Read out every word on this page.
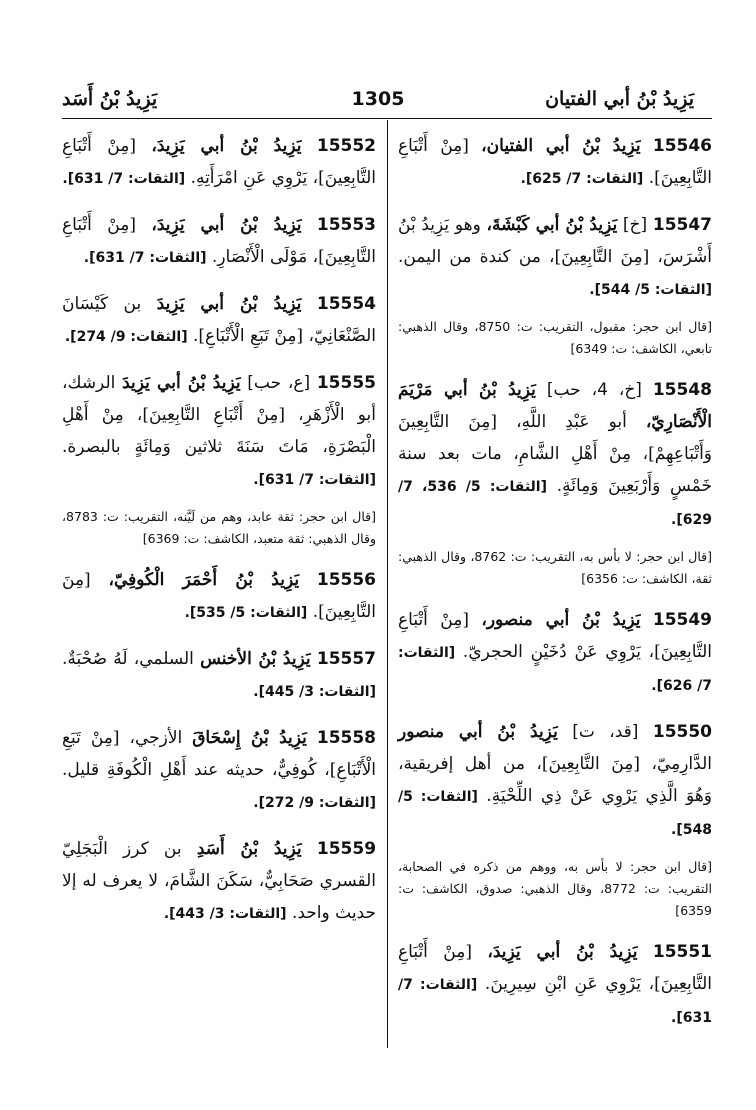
يَزِيدُ بْنُ أبي الفتيان
1305
يَزِيدُ بْنُ أَسَد
15546 يَزِيدُ بْنُ أبي الفتيان، [مِنْ أَتْبَاعِ التَّابِعِينَ]. [الثقات: 7/ 625].
15547 [خ] يَزِيدُ بْنُ أبي كَبْشَةَ، وهو يَزِيدُ بْنُ أَشْرَسَ، [مِنَ التَّابِعِينَ]، من كندة من اليمن. [الثقات: 5/ 544].
[قال ابن حجر: مقبول، التقريب: ت: 8750، وقال الذهبي: تابعي، الكاشف: ت: 6349]
15548 [خ، 4، حب] يَزِيدُ بْنُ أبي مَرْيَمَ الْأَنْصَارِيّ، أبو عَبْدِ اللَّهِ، [مِنَ التَّابِعِينَ وَأَتْبَاعِهِمْ]، مِنْ أَهْلِ الشَّامِ، مات بعد سنة خَمْسٍ وَأَرْبَعِينَ وَمِائَةٍ. [الثقات: 5/ 536، 7/ 629].
[قال ابن حجر: لا بأس به، التقريب: ت: 8762، وقال الذهبي: ثقة، الكاشف: ت: 6356]
15549 يَزِيدُ بْنُ أبي منصور، [مِنْ أَتْبَاعِ التَّابِعِينَ]، يَرْوِي عَنْ دُخَيْنٍ الحجريّ. [الثقات: 7/ 626].
15550 [قد، ت] يَزِيدُ بْنُ أبي منصور الدَّارِمِيّ، [مِنَ التَّابِعِينَ]، من أهل إفريقية، وَهُوَ الَّذِي يَرْوِي عَنْ ذِي اللِّحْيَةِ. [الثقات: 5/ 548].
[قال ابن حجر: لا بأس به، ووهم من ذكره في الصحابة، التقريب: ت: 8772، وقال الذهبي: صدوق، الكاشف: ت: 6359]
15551 يَزِيدُ بْنُ أبي يَزِيدَ، [مِنْ أَتْبَاعِ التَّابِعِينَ]، يَرْوِي عَنِ ابْنِ سِيرِينَ. [الثقات: 7/ 631].
15552 يَزِيدُ بْنُ أبي يَزِيدَ، [مِنْ أَتْبَاعِ التَّابِعِينَ]، يَرْوِي عَنِ امْرَأَتِهِ. [الثقات: 7/ 631].
15553 يَزِيدُ بْنُ أبي يَزِيدَ، [مِنْ أَتْبَاعِ التَّابِعِينَ]، مَوْلَى الْأَنْصَارِ. [الثقات: 7/ 631].
15554 يَزِيدُ بْنُ أبي يَزِيدَ بن كَيْسَانَ الصَّنْعَانِيّ، [مِنْ تَبَعِ الْأَتْبَاعِ]. [الثقات: 9/ 274].
15555 [ع، حب] يَزِيدُ بْنُ أبي يَزِيدَ الرشك، أبو الْأَزْهَرِ، [مِنْ أَتْبَاعِ التَّابِعِينَ]، مِنْ أَهْلِ الْبَصْرَةِ، مَاتَ سَنَةَ ثلاثين وَمِائَةٍ بالبصرة. [الثقات: 7/ 631].
[قال ابن حجر: ثقة عابد، وهم من لَيَّنه، التقريب: ت: 8783، وقال الذهبي: ثقة متعبد، الكاشف: ت: 6369]
15556 يَزِيدُ بْنُ أَحْمَرَ الْكُوفِيّ، [مِنَ التَّابِعِينَ]. [الثقات: 5/ 535].
15557 يَزِيدُ بْنُ الأخنس السلمي، لَهُ صُحْبَةٌ. [الثقات: 3/ 445].
15558 يَزِيدُ بْنُ إِسْحَاقَ الأزجي، [مِنْ تَبَعِ الْأَتْبَاعِ]، كُوفِيٌّ، حديثه عند أَهْلِ الْكُوفَةِ قليل. [الثقات: 9/ 272].
15559 يَزِيدُ بْنُ أَسَدِ بن كرز الْبَجَلِيّ القسري صَحَابِيٌّ، سَكَنَ الشَّامَ، لا يعرف له إلا حديث واحد. [الثقات: 3/ 443].
